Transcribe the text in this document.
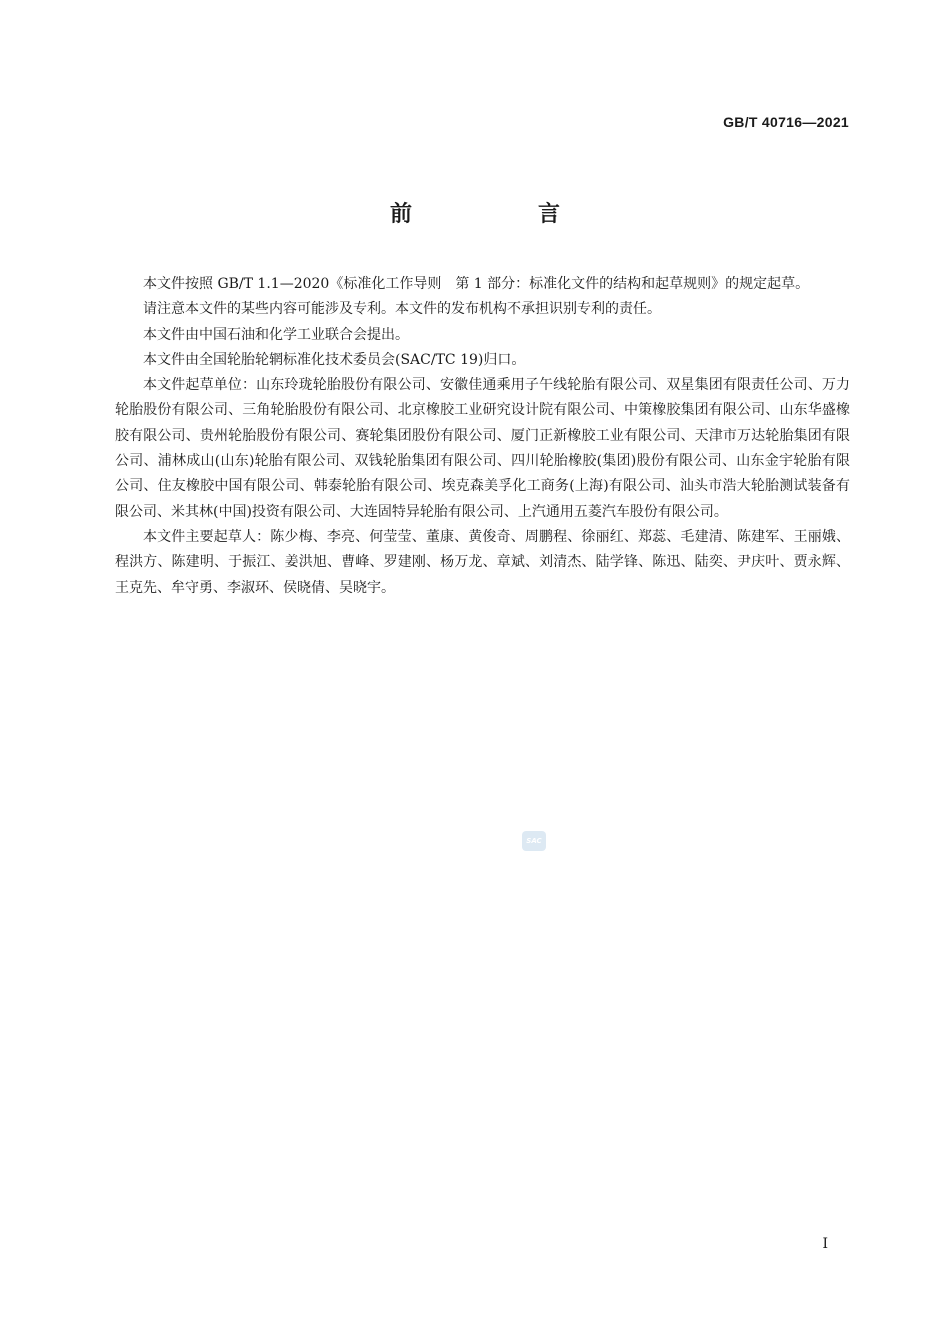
GB/T 40716—2021
前　言

本文件按照 GB/T 1.1—2020《标准化工作导则　第 1 部分：标准化文件的结构和起草规则》的规定起草。

请注意本文件的某些内容可能涉及专利。本文件的发布机构不承担识别专利的责任。

本文件由中国石油和化学工业联合会提出。

本文件由全国轮胎轮辋标准化技术委员会(SAC/TC 19)归口。

本文件起草单位：山东玲珑轮胎股份有限公司、安徽佳通乘用子午线轮胎有限公司、双星集团有限责任公司、万力轮胎股份有限公司、三角轮胎股份有限公司、北京橡胶工业研究设计院有限公司、中策橡胶集团有限公司、山东华盛橡胶有限公司、贵州轮胎股份有限公司、赛轮集团股份有限公司、厦门正新橡胶工业有限公司、天津市万达轮胎集团有限公司、浦林成山(山东)轮胎有限公司、双钱轮胎集团有限公司、四川轮胎橡胶(集团)股份有限公司、山东金宇轮胎有限公司、住友橡胶中国有限公司、韩泰轮胎有限公司、埃克森美孚化工商务(上海)有限公司、汕头市浩大轮胎测试装备有限公司、米其林(中国)投资有限公司、大连固特异轮胎有限公司、上汽通用五菱汽车股份有限公司。

本文件主要起草人：陈少梅、李亮、何莹莹、董康、黄俊奇、周鹏程、徐丽红、郑蕊、毛建清、陈建军、王丽娥、程洪方、陈建明、于振江、姜洪旭、曹峰、罗建刚、杨万龙、章斌、刘清杰、陆学锋、陈迅、陆奕、尹庆叶、贾永辉、王克先、牟守勇、李淑环、侯晓倩、吴晓宇。

SAC
I
